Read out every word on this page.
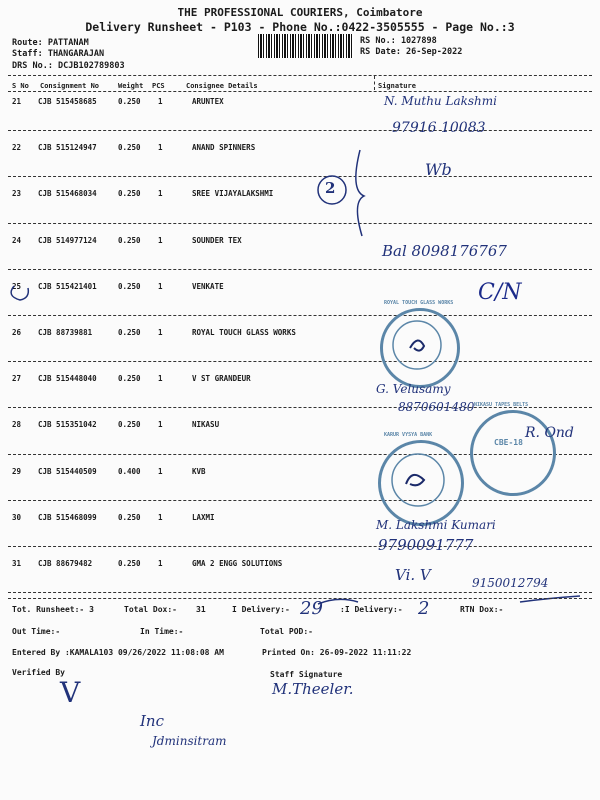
THE PROFESSIONAL COURIERS, Coimbatore
Delivery Runsheet - P103 - Phone No.:0422-3505555 - Page No.:3
Route: PATTANAM
Staff: THANGARAJAN
DRS No.: DCJB102789803
RS No.: 1027898
RS Date: 26-Sep-2022
S No Consignment No	Weight PCS	Consignee Details	Signature
21 CJB 515458685	0.250 1	ARUNTEX
22 CJB 515124947	0.250 1	ANAND SPINNERS
23 CJB 515468034	0.250 1	SREE VIJAYALAKSHMI
24 CJB 514977124	0.250 1	SOUNDER TEX
25 CJB 515421401	0.250 1	VENKATE
26 CJB 88739881	0.250 1	ROYAL TOUCH GLASS WORKS
27 CJB 515448040	0.250 1	V ST GRANDEUR
28 CJB 515351042	0.250 1	NIKASU
29 CJB 515440509	0.400 1	KVB
30 CJB 515468099	0.250 1	LAXMI
31 CJB 88679482	0.250 1	GMA 2 ENGG SOLUTIONS
ROYAL TOUCH GLASS WORKS
NIKASU TAPES BELTS
CBE-18
KARUR VYSYA BANK
N. Muthu Lakshmi
97916 10083
Wb
Bal 8098176767
C/N
G. Velusamy
8870601480
R. Ond
M. Lakshmi Kumari
9790091777
Vi. V	9150012794
2
Tot. Runsheet:- 3	Total Dox:- 31	I Delivery:- 29 :I Delivery:- 2	RTN Dox:-
Out Time:-	In Time:-	Total POD:-
Entered By :KAMALA103 09/26/2022 11:08:08 AM	Printed On: 26-09-2022 11:11:22
Verified By	Staff Signature
V	M.Theeler.
Inc
Jdminsitram
